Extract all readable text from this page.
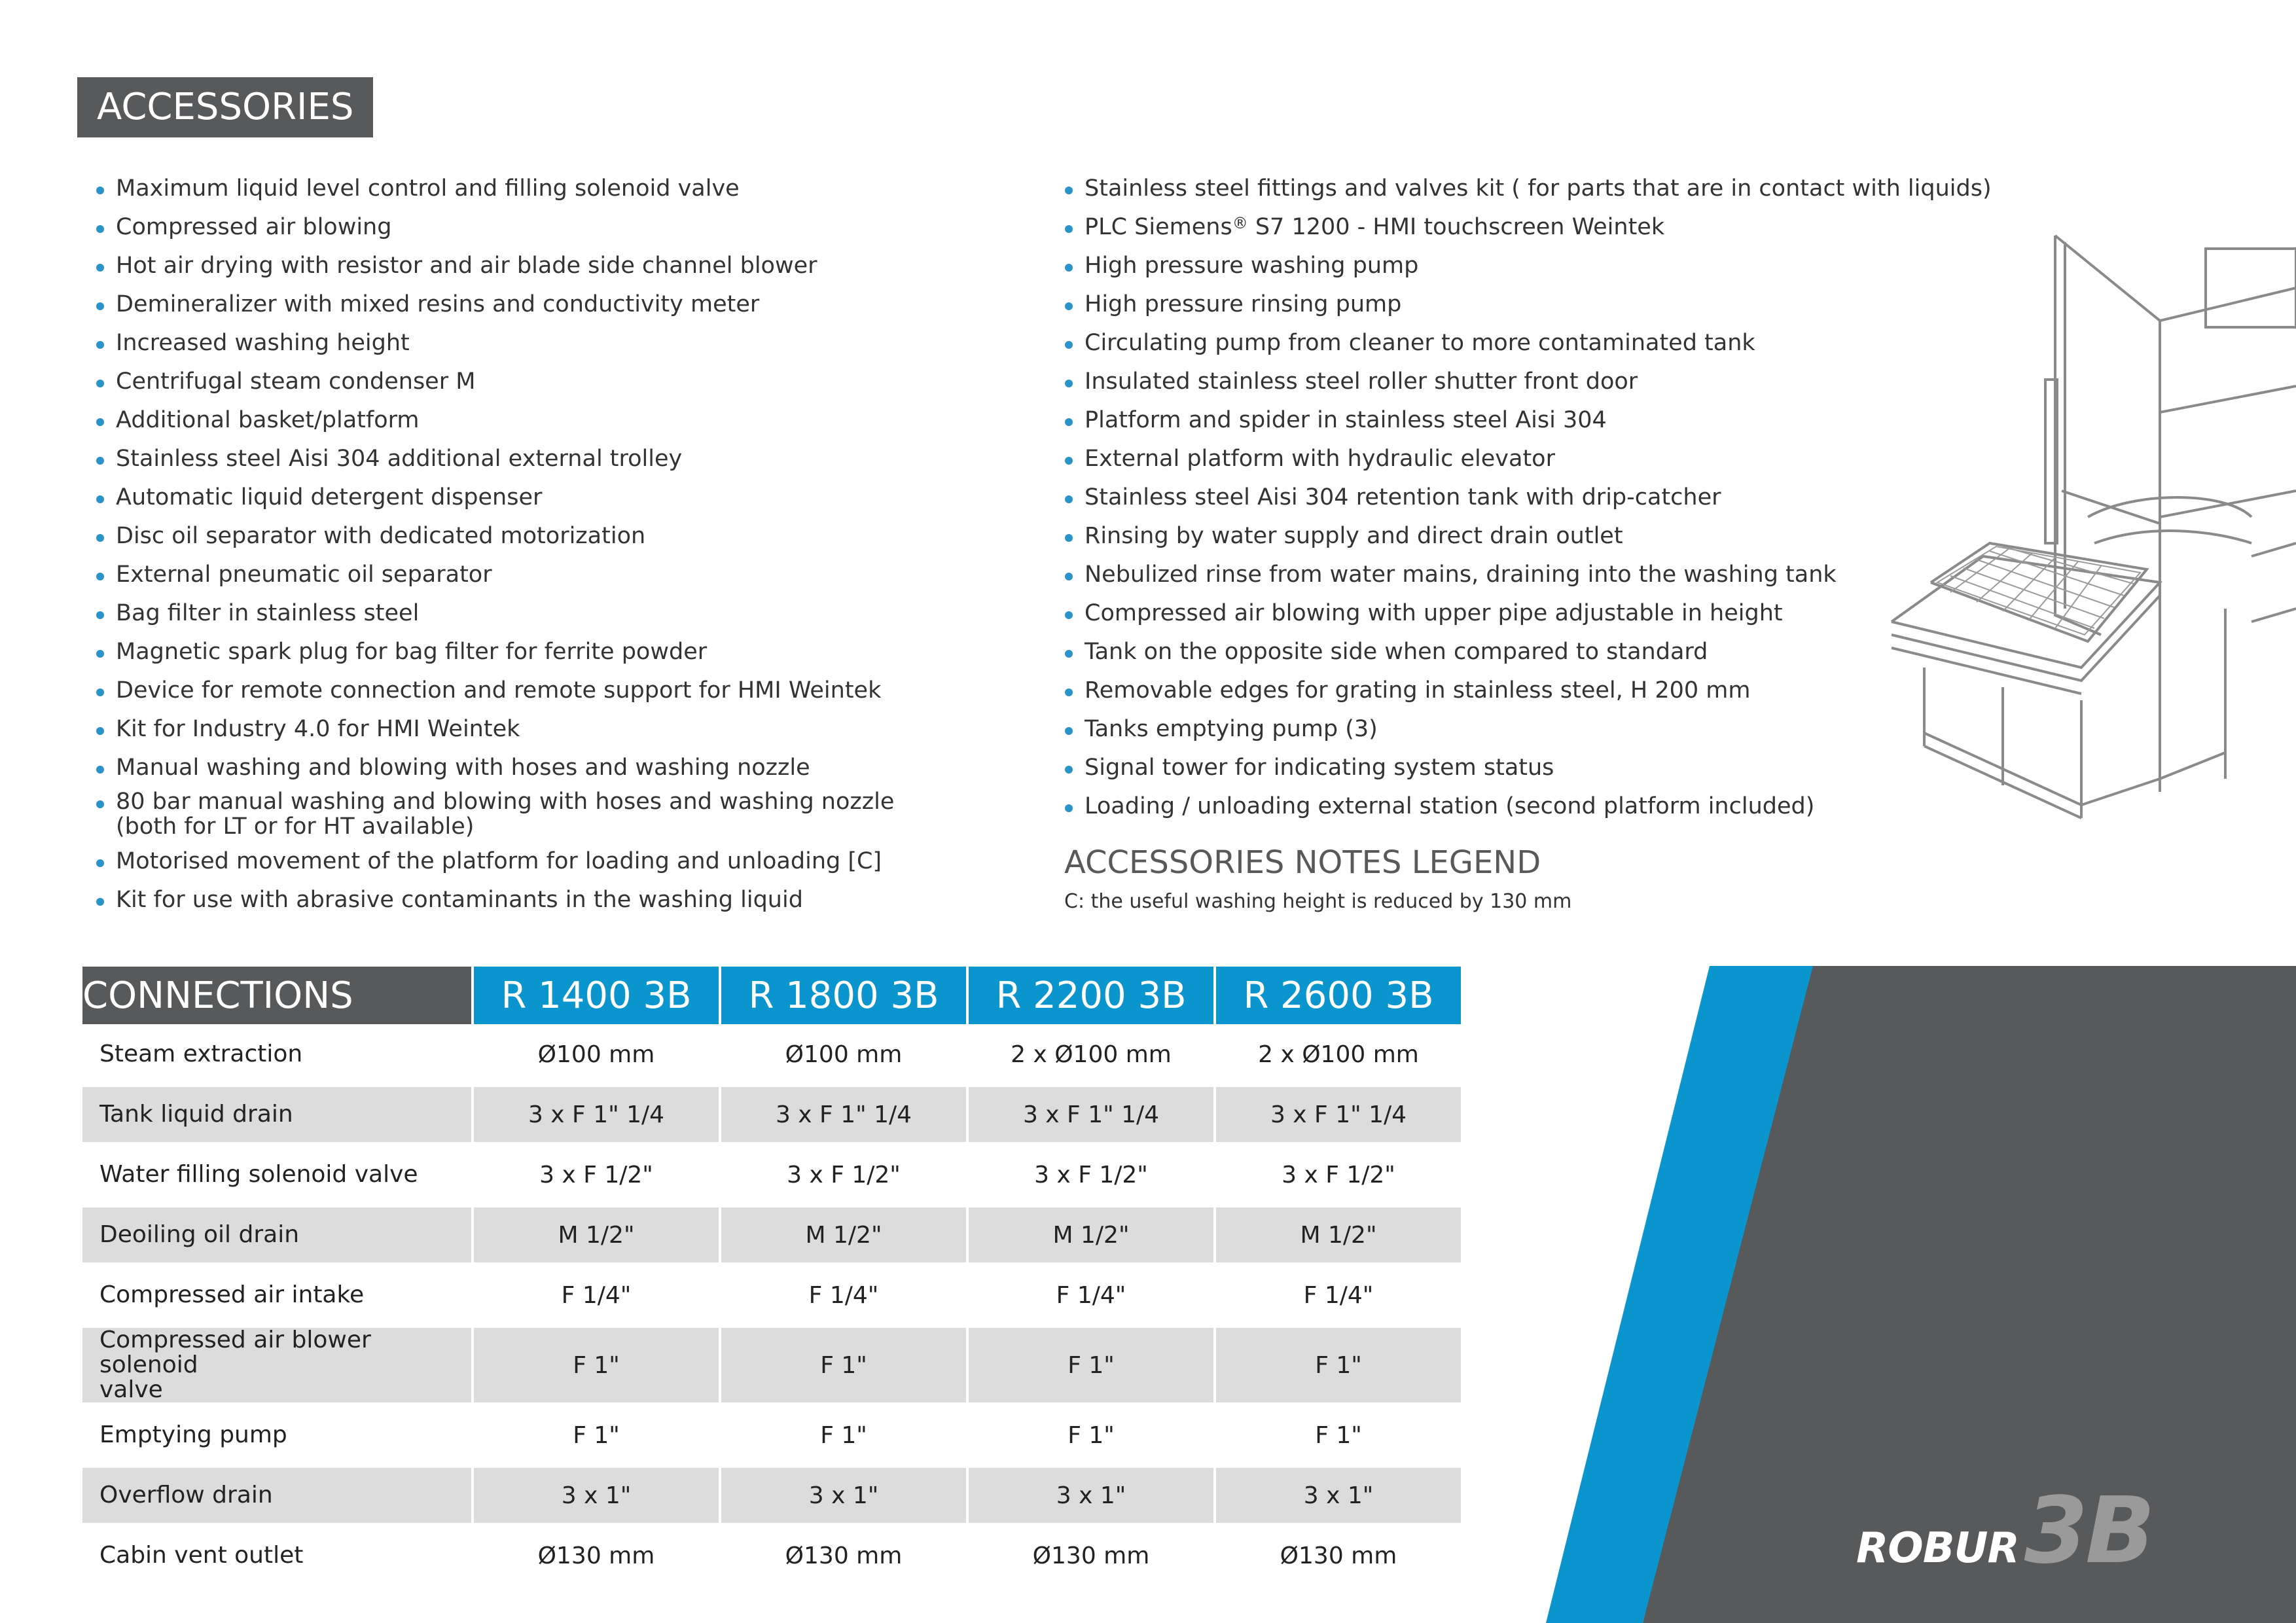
ACCESSORIES
Maximum liquid level control and filling solenoid valve
Compressed air blowing
Hot air drying with resistor and air blade side channel blower
Demineralizer with mixed resins and conductivity meter
Increased washing height
Centrifugal steam condenser M
Additional basket/platform
Stainless steel Aisi 304 additional external trolley
Automatic liquid detergent dispenser
Disc oil separator with dedicated motorization
External pneumatic oil separator
Bag filter in stainless steel
Magnetic spark plug for bag filter for ferrite powder
Device for remote connection and remote support for HMI Weintek
Kit for Industry 4.0 for HMI Weintek
Manual washing and blowing with hoses and washing nozzle
80 bar manual washing and blowing with hoses and washing nozzle
(both for LT or for HT available)
Motorised movement of the platform for loading and unloading [C]
Kit for use with abrasive contaminants in the washing liquid
Stainless steel fittings and valves kit ( for parts that are in contact with liquids)
PLC Siemens® S7 1200 - HMI touchscreen Weintek
High pressure washing pump
High pressure rinsing pump
Circulating pump from cleaner to more contaminated tank
Insulated stainless steel roller shutter front door
Platform and spider in stainless steel Aisi 304
External platform with hydraulic elevator
Stainless steel Aisi 304 retention tank with drip-catcher
Rinsing by water supply and direct drain outlet
Nebulized rinse from water mains, draining into the washing tank
Compressed air blowing with upper pipe adjustable in height
Tank on the opposite side when compared to standard
Removable edges for grating in stainless steel, H 200 mm
Tanks emptying pump (3)
Signal tower for indicating system status
Loading / unloading external station (second platform included)
ACCESSORIES NOTES LEGEND
C: the useful washing height is reduced by 130 mm
CONNECTIONS	R 1400 3B	R 1800 3B	R 2200 3B	R 2600 3B
Steam extraction	Ø100 mm	Ø100 mm	2 x Ø100 mm	2 x Ø100 mm
Tank liquid drain	3 x F 1" 1/4	3 x F 1" 1/4	3 x F 1" 1/4	3 x F 1" 1/4
Water filling solenoid valve	3 x F 1/2"	3 x F 1/2"	3 x F 1/2"	3 x F 1/2"
Deoiling oil drain	M 1/2"	M 1/2"	M 1/2"	M 1/2"
Compressed air intake	F 1/4"	F 1/4"	F 1/4"	F 1/4"
Compressed air blower solenoid
valve	F 1"	F 1"	F 1"	F 1"
Emptying pump	F 1"	F 1"	F 1"	F 1"
Overflow drain	3 x 1"	3 x 1"	3 x 1"	3 x 1"
Cabin vent outlet	Ø130 mm	Ø130 mm	Ø130 mm	Ø130 mm	ROBUR3B
